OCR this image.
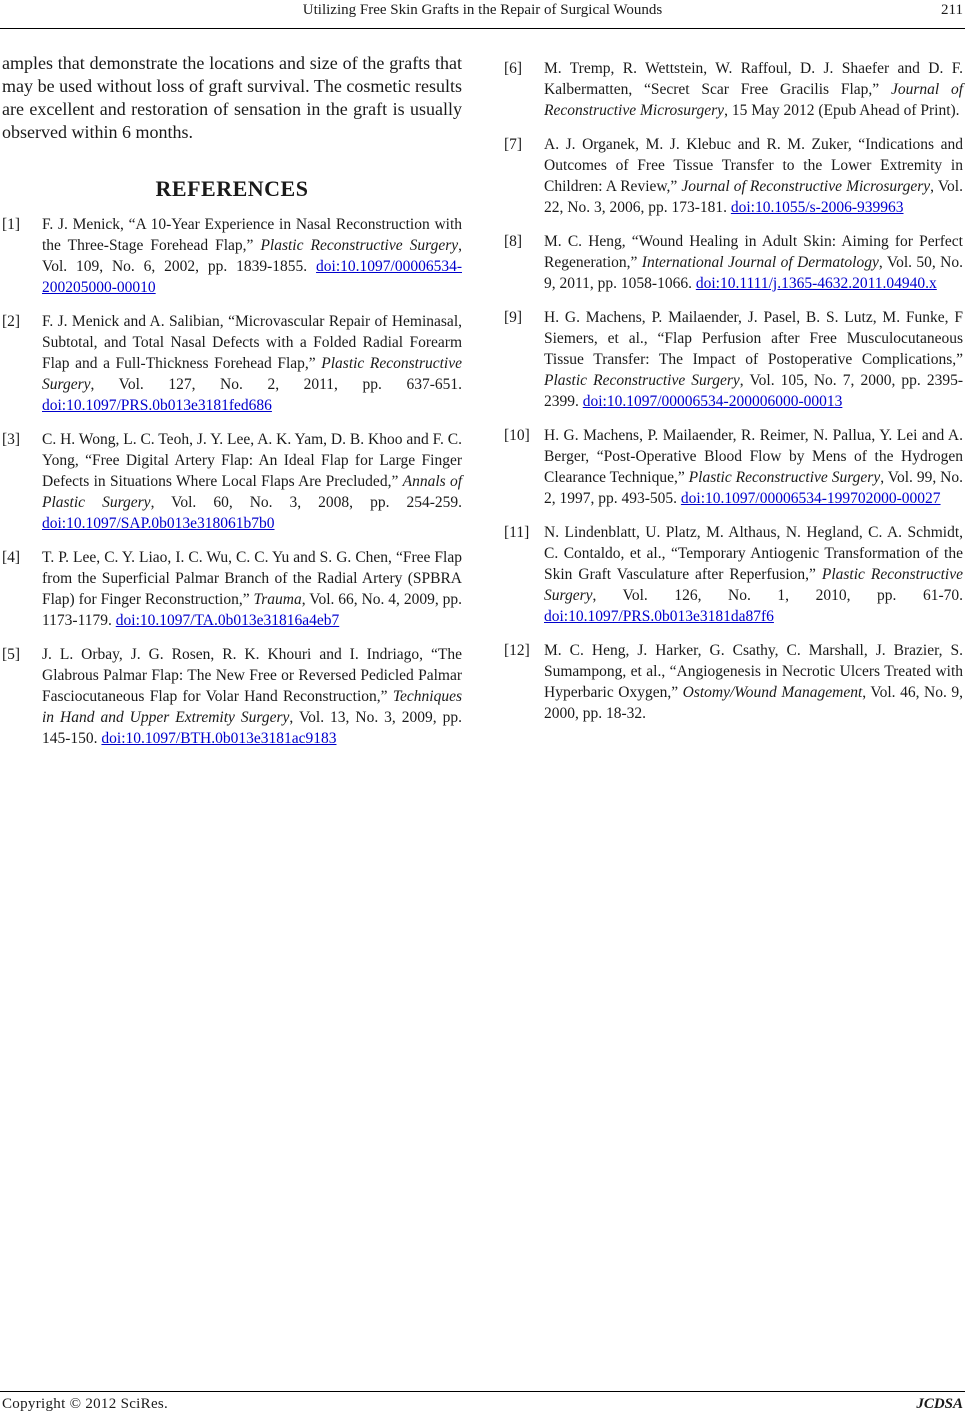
Utilizing Free Skin Grafts in the Repair of Surgical Wounds	211

amples that demonstrate the locations and size of the grafts that may be used without loss of graft survival. The cosmetic results are excellent and restoration of sensation in the graft is usually observed within 6 months.

REFERENCES
[1] F. J. Menick, “A 10-Year Experience in Nasal Reconstruction with the Three-Stage Forehead Flap,” Plastic Reconstructive Surgery, Vol. 109, No. 6, 2002, pp. 1839-1855. doi:10.1097/00006534-200205000-00010
[2] F. J. Menick and A. Salibian, “Microvascular Repair of Heminasal, Subtotal, and Total Nasal Defects with a Folded Radial Forearm Flap and a Full-Thickness Forehead Flap,” Plastic Reconstructive Surgery, Vol. 127, No. 2, 2011, pp. 637-651. doi:10.1097/PRS.0b013e3181fed686
[3] C. H. Wong, L. C. Teoh, J. Y. Lee, A. K. Yam, D. B. Khoo and F. C. Yong, “Free Digital Artery Flap: An Ideal Flap for Large Finger Defects in Situations Where Local Flaps Are Precluded,” Annals of Plastic Surgery, Vol. 60, No. 3, 2008, pp. 254-259. doi:10.1097/SAP.0b013e318061b7b0
[4] T. P. Lee, C. Y. Liao, I. C. Wu, C. C. Yu and S. G. Chen, “Free Flap from the Superficial Palmar Branch of the Radial Artery (SPBRA Flap) for Finger Reconstruction,” Trauma, Vol. 66, No. 4, 2009, pp. 1173-1179. doi:10.1097/TA.0b013e31816a4eb7
[5] J. L. Orbay, J. G. Rosen, R. K. Khouri and I. Indriago, “The Glabrous Palmar Flap: The New Free or Reversed Pedicled Palmar Fasciocutaneous Flap for Volar Hand Reconstruction,” Techniques in Hand and Upper Extremity Surgery, Vol. 13, No. 3, 2009, pp. 145-150. doi:10.1097/BTH.0b013e3181ac9183
[6] M. Tremp, R. Wettstein, W. Raffoul, D. J. Shaefer and D. F. Kalbermatten, “Secret Scar Free Gracilis Flap,” Journal of Reconstructive Microsurgery, 15 May 2012 (Epub Ahead of Print).
[7] A. J. Organek, M. J. Klebuc and R. M. Zuker, “Indications and Outcomes of Free Tissue Transfer to the Lower Extremity in Children: A Review,” Journal of Reconstructive Microsurgery, Vol. 22, No. 3, 2006, pp. 173-181. doi:10.1055/s-2006-939963
[8] M. C. Heng, “Wound Healing in Adult Skin: Aiming for Perfect Regeneration,” International Journal of Dermatology, Vol. 50, No. 9, 2011, pp. 1058-1066. doi:10.1111/j.1365-4632.2011.04940.x
[9] H. G. Machens, P. Mailaender, J. Pasel, B. S. Lutz, M. Funke, F Siemers, et al., “Flap Perfusion after Free Musculocutaneous Tissue Transfer: The Impact of Postoperative Complications,” Plastic Reconstructive Surgery, Vol. 105, No. 7, 2000, pp. 2395-2399. doi:10.1097/00006534-200006000-00013
[10] H. G. Machens, P. Mailaender, R. Reimer, N. Pallua, Y. Lei and A. Berger, “Post-Operative Blood Flow by Mens of the Hydrogen Clearance Technique,” Plastic Reconstructive Surgery, Vol. 99, No. 2, 1997, pp. 493-505. doi:10.1097/00006534-199702000-00027
[11] N. Lindenblatt, U. Platz, M. Althaus, N. Hegland, C. A. Schmidt, C. Contaldo, et al., “Temporary Antiogenic Transformation of the Skin Graft Vasculature after Reperfusion,” Plastic Reconstructive Surgery, Vol. 126, No. 1, 2010, pp. 61-70. doi:10.1097/PRS.0b013e3181da87f6
[12] M. C. Heng, J. Harker, G. Csathy, C. Marshall, J. Brazier, S. Sumampong, et al., “Angiogenesis in Necrotic Ulcers Treated with Hyperbaric Oxygen,” Ostomy/Wound Management, Vol. 46, No. 9, 2000, pp. 18-32.
Copyright © 2012 SciRes.	JCDSA
